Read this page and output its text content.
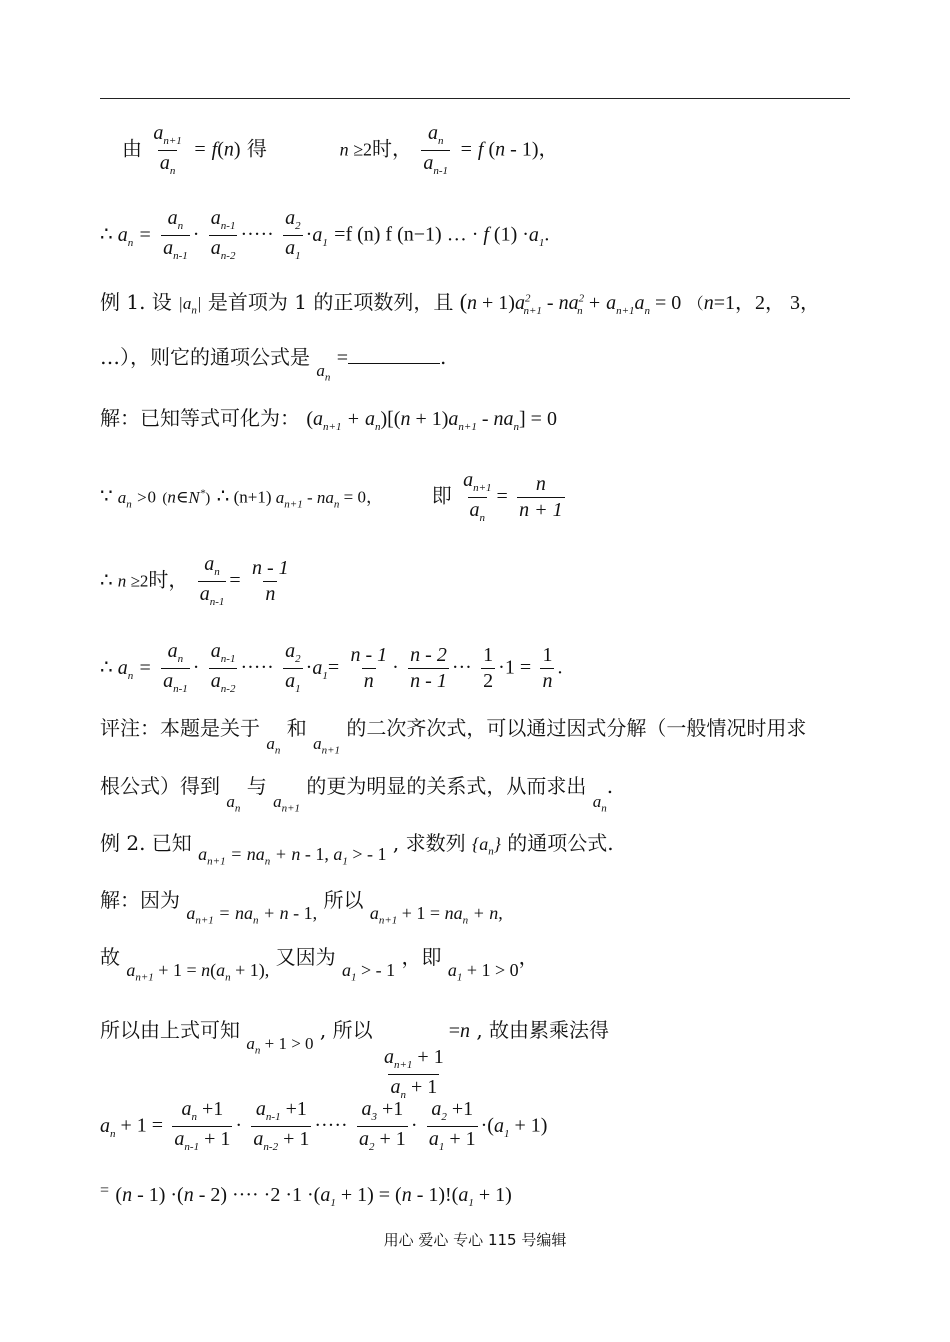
由 $\frac{a_{n+1}}{a_n} = f(n)$ 得	n ≥2时， $\frac{a_n}{a_{n-1}} = f$ (n - 1)，
∴ $a_n = \frac{a_n}{a_{n-1}} \cdot \frac{a_{n-1}}{a_{n-2}}$ ····· $\frac{a_2}{a_1} \cdot a_1 =f$ (n) f (n−1) … · f $(1) \cdot a_1$.
例 1. 设 $|a_n|$ 是首项为 1 的正项数列，且 $(n + 1)a^2_{n+1} - na^2_n + a_{n+1}a_n = 0$ （n=1，2， 3，
…），则它的通项公式是 $_{a_n}$ =	.
解：已知等式可化为： $(a_{n+1} + a_n)[(n + 1)a_{n+1} - na_n] = 0$
∵ $a_n >0$ (n∈N*) ∴ (n+1) $a_{n+1} - na_n = 0$， 即 $\frac{a_{n+1}}{a_n} = \frac{n}{n + 1}$
∴ n ≥2时， $\frac{a_n}{a_{n-1}} = \frac{n - 1}{n}$
∴ $a_n = \frac{a_n}{a_{n-1}} \cdot \frac{a_{n-1}}{a_{n-2}}$ ····· $\frac{a_2}{a_1} \cdot a_1= \frac{n - 1}{n} \cdot \frac{n - 2}{n - 1}$ ··· $\frac{1}{2} \cdot 1 = \frac{1}{n}$ .
评注：本题是关于 $_{a_n}$ 和 $_{a_{n+1}}$ 的二次齐次式，可以通过因式分解（一般情况时用求
根公式）得到 $_{a_n}$ 与 $_{a_{n+1}}$ 的更为明显的关系式，从而求出 $_{a_n}$.
例 2. 已知 $a_{n+1} = na_n + n - 1$, $a_1$ > - 1 , 求数列 $\{a_n\}$ 的通项公式.
解：因为 $a_{n+1} = na_n + n - 1$, 所以 $a_{n+1} + 1 = na_n + n$,
故 $a_{n+1} + 1 = n(a_n + 1)$, 又因为 $a_1$ > - 1 ，即 $a_1 + 1 > 0$，
所以由上式可知 $_{a_n}$ $_{+ 1 > 0}$ , 所以
$\frac{a_{n+1} + 1}{a_n + 1}$
=n , 故由累乘法得
$a_n + 1 = \frac{a_n +1}{a_{n-1} + 1} \cdot \frac{a_{n-1} +1}{a_{n-2} + 1}$ ····· $\frac{a_3 +1}{a_2 + 1} \cdot \frac{a_2 +1}{a_1 + 1} \cdot(a_1 + 1)$
= (n - 1) ·(n - 2) ···· $\cdot 2 \cdot 1 \cdot(a_1 + 1) = (n - 1)!(a_1 + 1)$
用心 爱心 专心 115 号编辑
